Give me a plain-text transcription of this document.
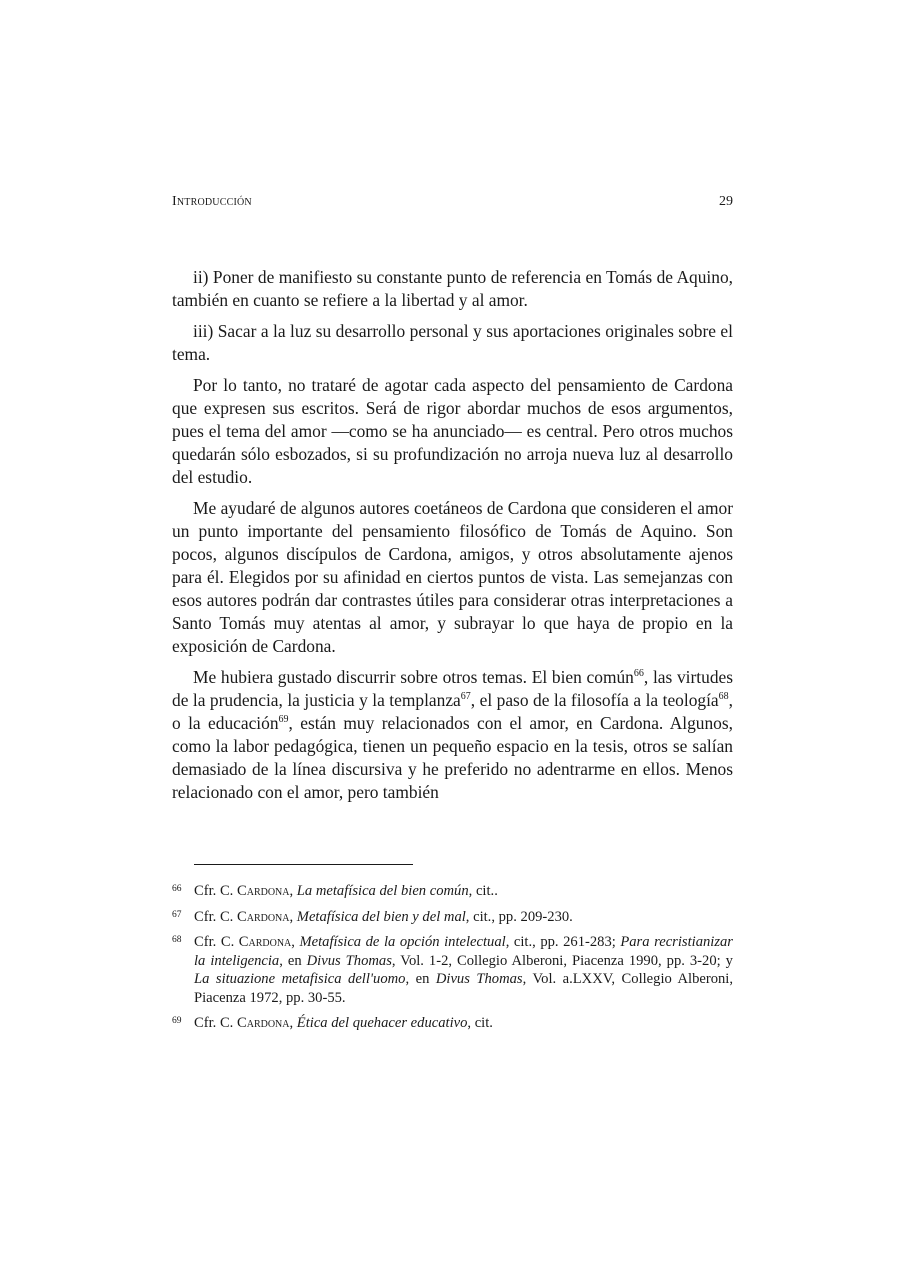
Introducción	29

ii) Poner de manifiesto su constante punto de referencia en Tomás de Aquino, también en cuanto se refiere a la libertad y al amor.

iii) Sacar a la luz su desarrollo personal y sus aportaciones originales sobre el tema.

Por lo tanto, no trataré de agotar cada aspecto del pensamiento de Cardona que expresen sus escritos. Será de rigor abordar muchos de esos argumentos, pues el tema del amor —como se ha anunciado— es central. Pero otros muchos quedarán sólo esbozados, si su profundización no arroja nueva luz al desarrollo del estudio.

Me ayudaré de algunos autores coetáneos de Cardona que consideren el amor un punto importante del pensamiento filosófico de Tomás de Aquino. Son pocos, algunos discípulos de Cardona, amigos, y otros absolutamente ajenos para él. Elegidos por su afinidad en ciertos puntos de vista. Las semejanzas con esos autores podrán dar contrastes útiles para considerar otras interpretaciones a Santo Tomás muy atentas al amor, y subrayar lo que haya de propio en la exposición de Cardona.

Me hubiera gustado discurrir sobre otros temas. El bien común$^{66}$, las virtudes de la prudencia, la justicia y la templanza$^{67}$, el paso de la filosofía a la teología$^{68}$, o la educación$^{69}$, están muy relacionados con el amor, en Cardona. Algunos, como la labor pedagógica, tienen un pequeño espacio en la tesis, otros se salían demasiado de la línea discursiva y he preferido no adentrarme en ellos. Menos relacionado con el amor, pero también

66 Cfr. C. Cardona, La metafísica del bien común, cit..
67 Cfr. C. Cardona, Metafísica del bien y del mal, cit., pp. 209-230.
68 Cfr. C. Cardona, Metafísica de la opción intelectual, cit., pp. 261-283; Para recristianizar la inteligencia, en Divus Thomas, Vol. 1-2, Collegio Alberoni, Piacenza 1990, pp. 3-20; y La situazione metafisica dell'uomo, en Divus Thomas, Vol. a.LXXV, Collegio Alberoni, Piacenza 1972, pp. 30-55.
69 Cfr. C. Cardona, Ética del quehacer educativo, cit.
